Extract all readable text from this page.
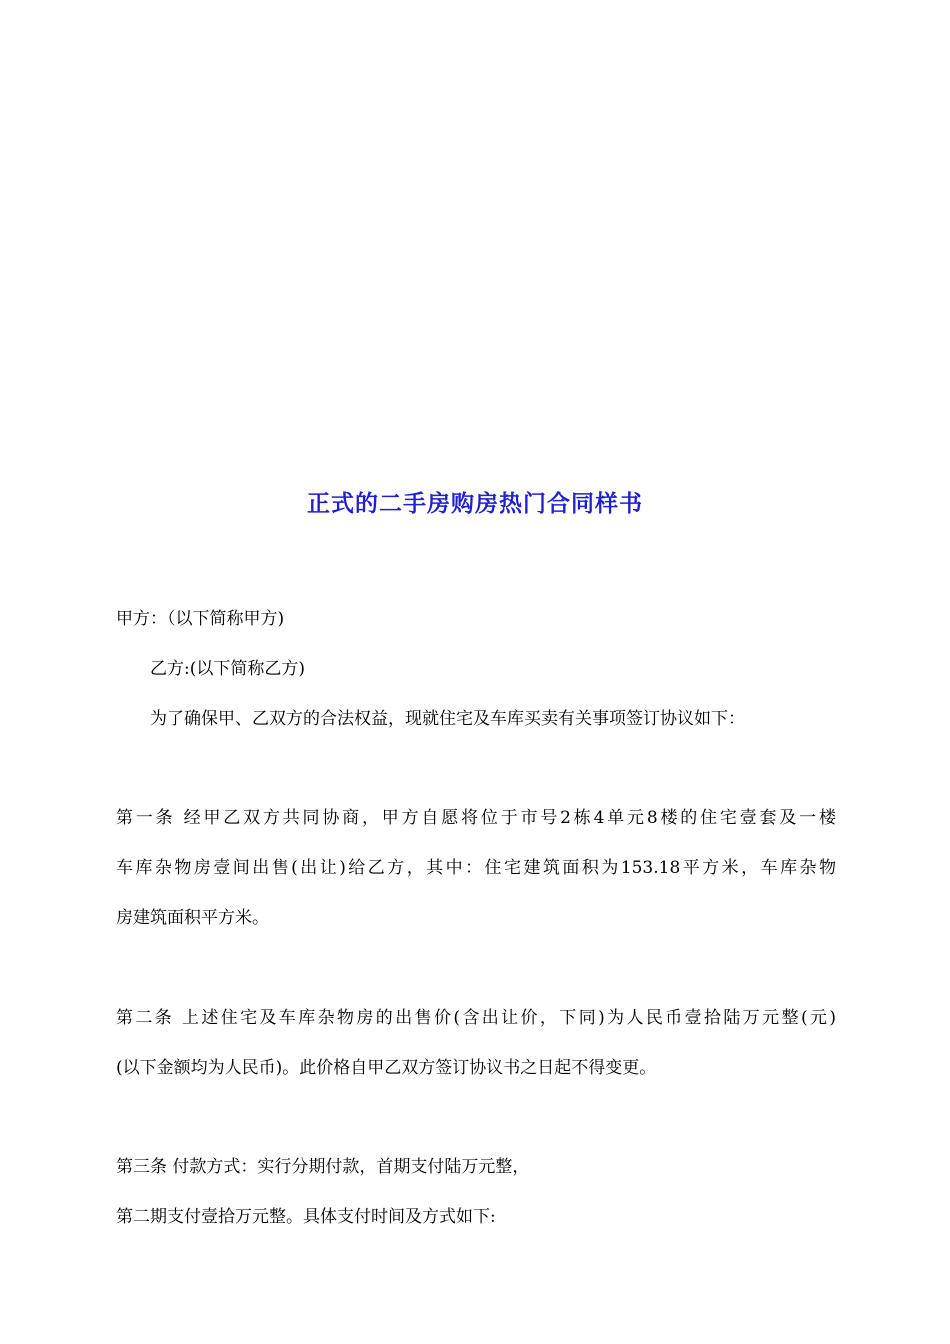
正式的二手房购房热门合同样书
甲方：（以下简称甲方)
乙方:(以下简称乙方)
为了确保甲、乙双方的合法权益，现就住宅及车库买卖有关事项签订协议如下：
第一条 经甲乙双方共同协商，甲方自愿将位于市号2栋4单元8楼的住宅壹套及一楼
车库杂物房壹间出售(出让)给乙方，其中：住宅建筑面积为153.18平方米，车库杂物
房建筑面积平方米。
第二条 上述住宅及车库杂物房的出售价(含出让价，下同)为人民币壹拾陆万元整(元)
(以下金额均为人民币)。此价格自甲乙双方签订协议书之日起不得变更。
第三条 付款方式：实行分期付款，首期支付陆万元整，
第二期支付壹拾万元整。具体支付时间及方式如下:
